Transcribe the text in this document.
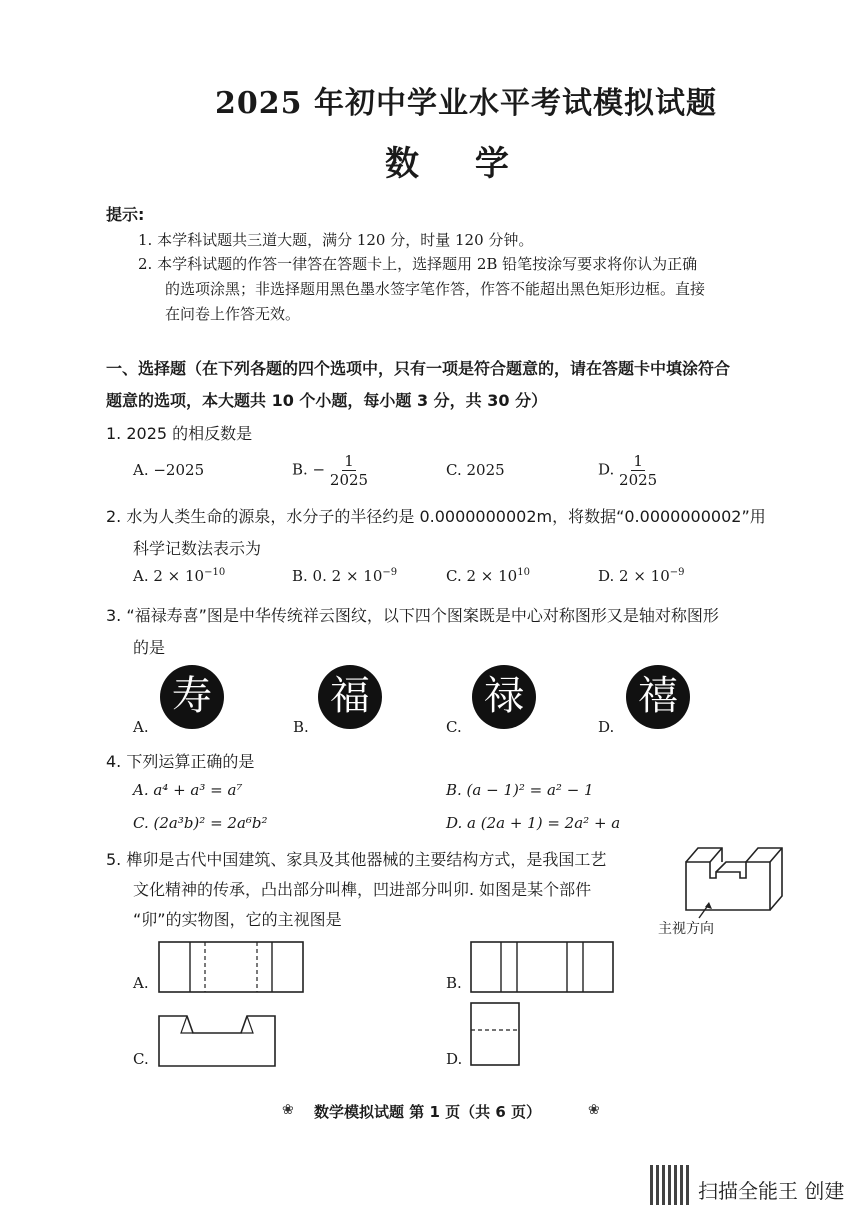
2025 年初中学业水平考试模拟试题
数 学
提示:
1. 本学科试题共三道大题，满分 120 分，时量 120 分钟。
2. 本学科试题的作答一律答在答题卡上，选择题用 2B 铅笔按涂写要求将你认为正确
的选项涂黑；非选择题用黑色墨水签字笔作答，作答不能超出黑色矩形边框。直接
在问卷上作答无效。
一、选择题（在下列各题的四个选项中，只有一项是符合题意的，请在答题卡中填涂符合
题意的选项，本大题共 10 个小题，每小题 3 分，共 30 分）
1. 2025 的相反数是
A. −2025	B. − $\frac{1}{2025}$	C. 2025	D. $\frac{1}{2025}$
2. 水为人类生命的源泉，水分子的半径约是 0.0000000002m，将数据“0.0000000002”用
科学记数法表示为
A. $2 \times 10^{-10}$	B. 0. $2 \times 10^{-9}$	C. $2 \times 10^{10}$	D. $2 \times 10^{-9}$
3. “福禄寿喜”图是中华传统祥云图纹，以下四个图案既是中心对称图形又是轴对称图形
的是
寿
A.
福
B.
禄
C.
禧
D.
4. 下列运算正确的是
A. a⁴ + a³ = a⁷	B. (a − 1)² = a² − 1
C. (2a³b)² = 2a⁶b²	D. a (2a + 1) = 2a² + a
5. 榫卯是古代中国建筑、家具及其他器械的主要结构方式，是我国工艺
文化精神的传承，凸出部分叫榫，凹进部分叫卯. 如图是某个部件
“卯”的实物图，它的主视图是	主视方向
A.	B.
C.	D.
❀ 数学模拟试题 第 1 页（共 6 页）	❀
扫描全能王 创建
